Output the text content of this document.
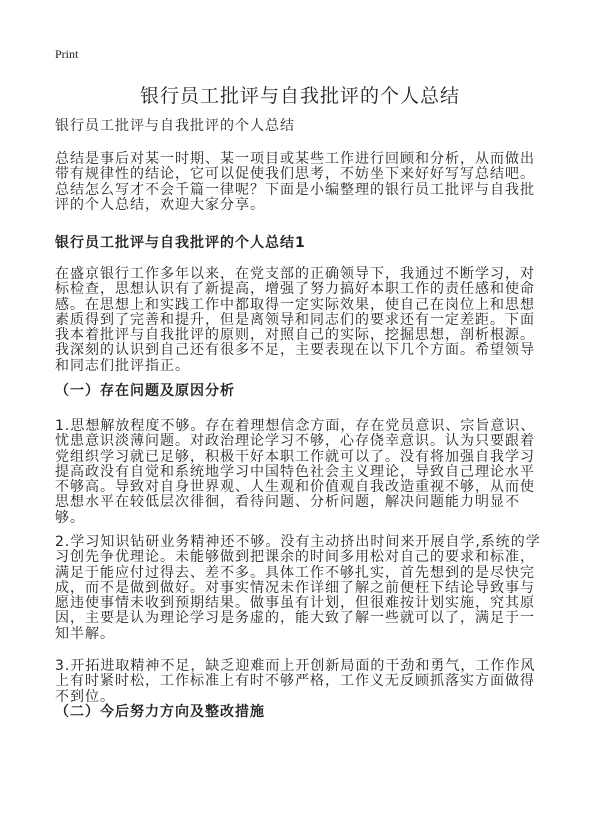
Print
银行员工批评与自我批评的个人总结
银行员工批评与自我批评的个人总结
总结是事后对某一时期、某一项目或某些工作进行回顾和分析，从而做出带有规律性的结论，它可以促使我们思考，不妨坐下来好好写写总结吧。总结怎么写才不会千篇一律呢？下面是小编整理的银行员工批评与自我批评的个人总结，欢迎大家分享。
银行员工批评与自我批评的个人总结1
在盛京银行工作多年以来，在党支部的正确领导下，我通过不断学习，对标检查，思想认识有了新提高，增强了努力搞好本职工作的责任感和使命感。在思想上和实践工作中都取得一定实际效果，使自己在岗位上和思想素质得到了完善和提升，但是离领导和同志们的要求还有一定差距。下面我本着批评与自我批评的原则，对照自己的实际，挖掘思想，剖析根源。我深刻的认识到自己还有很多不足，主要表现在以下几个方面。希望领导和同志们批评指正。
（一）存在问题及原因分析
1.思想解放程度不够。存在着理想信念方面，存在党员意识、宗旨意识、忧患意识淡薄问题。对政治理论学习不够，心存侥幸意识。认为只要跟着党组织学习就已足够，积极干好本职工作就可以了。没有将加强自我学习提高政没有自觉和系统地学习中国特色社会主义理论，导致自己理论水平不够高。导致对自身世界观、人生观和价值观自我改造重视不够，从而使思想水平在较低层次徘徊，看待问题、分析问题，解决问题能力明显不够。
2.学习知识钻研业务精神还不够。没有主动挤出时间来开展自学,系统的学习创先争优理论。未能够做到把课余的时间多用松对自己的要求和标准，满足于能应付过得去、差不多。具体工作不够扎实，首先想到的是尽快完成，而不是做到做好。对事实情况未作详细了解之前便枉下结论导致事与愿违使事情未收到预期结果。做事虽有计划，但很难按计划实施，究其原因，主要是认为理论学习是务虚的，能大致了解一些就可以了，满足于一知半解。
3.开拓进取精神不足，缺乏迎难而上开创新局面的干劲和勇气，工作作风上有时紧时松，工作标准上有时不够严格，工作义无反顾抓落实方面做得不到位。
（二）今后努力方向及整改措施
